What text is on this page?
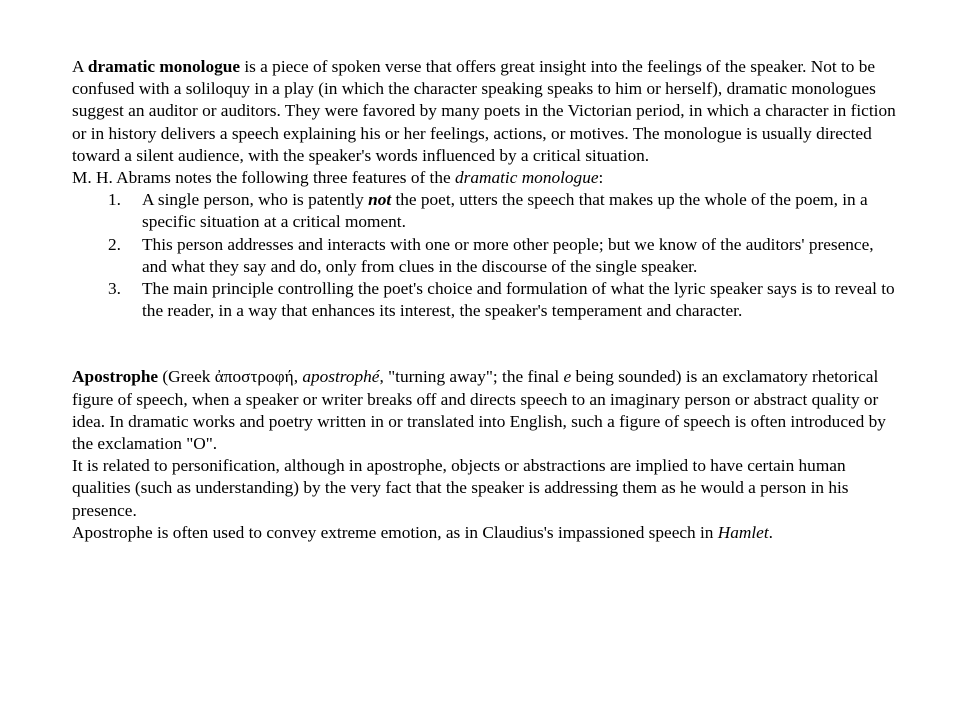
A dramatic monologue is a piece of spoken verse that offers great insight into the feelings of the speaker. Not to be confused with a soliloquy in a play (in which the character speaking speaks to him or herself), dramatic monologues suggest an auditor or auditors. They were favored by many poets in the Victorian period, in which a character in fiction or in history delivers a speech explaining his or her feelings, actions, or motives. The monologue is usually directed toward a silent audience, with the speaker's words influenced by a critical situation.

M. H. Abrams notes the following three features of the dramatic monologue:

1. A single person, who is patently not the poet, utters the speech that makes up the whole of the poem, in a specific situation at a critical moment.
2. This person addresses and interacts with one or more other people; but we know of the auditors' presence, and what they say and do, only from clues in the discourse of the single speaker.
3. The main principle controlling the poet's choice and formulation of what the lyric speaker says is to reveal to the reader, in a way that enhances its interest, the speaker's temperament and character.

Apostrophe (Greek ἀποστροφή, apostrophé, "turning away"; the final e being sounded) is an exclamatory rhetorical figure of speech, when a speaker or writer breaks off and directs speech to an imaginary person or abstract quality or idea. In dramatic works and poetry written in or translated into English, such a figure of speech is often introduced by the exclamation "O".

It is related to personification, although in apostrophe, objects or abstractions are implied to have certain human qualities (such as understanding) by the very fact that the speaker is addressing them as he would a person in his presence.

Apostrophe is often used to convey extreme emotion, as in Claudius's impassioned speech in Hamlet.
